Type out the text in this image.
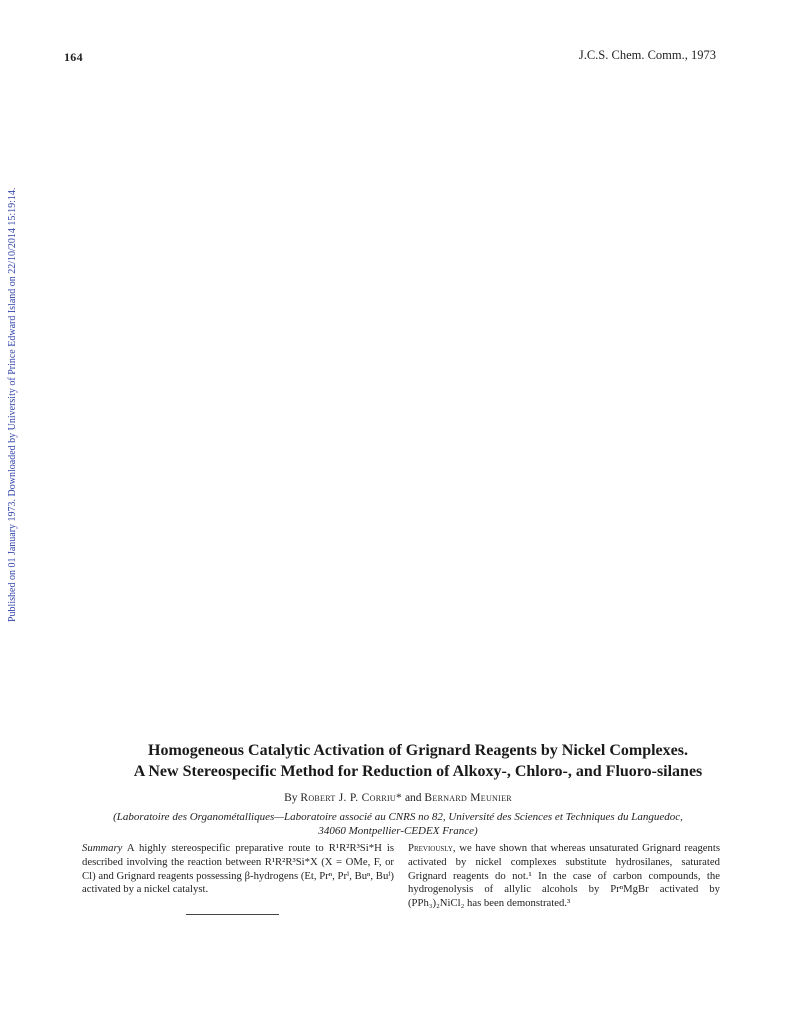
164	J.C.S. Chem. Comm., 1973
Published on 01 January 1973. Downloaded by University of Prince Edward Island on 22/10/2014 15:19:14.
Homogeneous Catalytic Activation of Grignard Reagents by Nickel Complexes.
A New Stereospecific Method for Reduction of Alkoxy-, Chloro-, and Fluoro-silanes
By Robert J. P. Corriu* and Bernard Meunier
(Laboratoire des Organométalliques—Laboratoire associé au CNRS no 82, Université des Sciences et Techniques du Languedoc,
34060 Montpellier-CEDEX France)
Summary A highly stereospecific preparative route to R¹R²R³Si*H is described involving the reaction between R¹R²R³Si*X (X = OMe, F, or Cl) and Grignard reagents possessing β-hydrogens (Et, Prⁿ, Prⁱ, Buⁿ, Buⁱ) activated by a nickel catalyst.
Previously, we have shown that whereas unsaturated Grignard reagents activated by nickel complexes substitute hydrosilanes, saturated Grignard reagents do not.¹ In the case of carbon compounds, the hydrogenolysis of allylic alcohols by PrⁿMgBr activated by (PPh₃)₂NiCl₂ has been demonstrated.³
